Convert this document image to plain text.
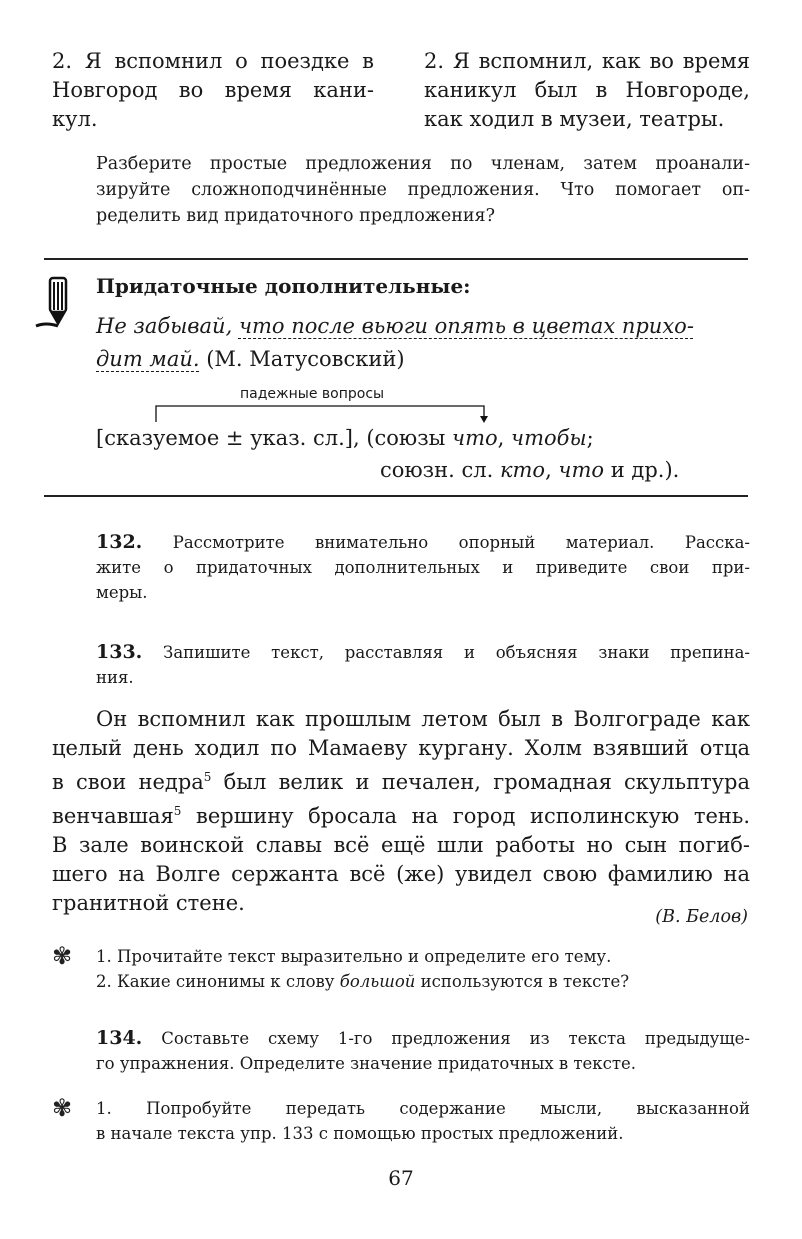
2. Я вспомнил о поездке в
Новгород во время кани-
кул.
2. Я вспомнил, как во время
каникул был в Новгороде,
как ходил в музеи, театры.
Разберите простые предложения по членам, затем проанали-
зируйте сложноподчинённые предложения. Что помогает оп-
ределить вид придаточного предложения?
Придаточные дополнительные:
Не забывай, что после вьюги опять в цветах прихо-
дит май. (М. Матусовский)
падежные вопросы
[сказуемое ± указ. сл.], (союзы что, чтобы;
союзн. сл. кто, что и др.).
132. Рассмотрите внимательно опорный материал. Расска-
жите о придаточных дополнительных и приведите свои при-
меры.
133. Запишите текст, расставляя и объясняя знаки препина-
ния.
Он вспомнил как прошлым летом был в Волгограде как
целый день ходил по Мамаеву кургану. Холм взявший отца
в свои недра$^5$ был велик и печален, громадная скульптура
венчавшая$^5$ вершину бросала на город исполинскую тень.
В зале воинской славы всё ещё шли работы но сын погиб-
шего на Волге сержанта всё (же) увидел свою фамилию на
гранитной стене.
(В. Белов)
✾ 1. Прочитайте текст выразительно и определите его тему.
2. Какие синонимы к слову большой используются в тексте?
134. Составьте схему 1-го предложения из текста предыдуще-
го упражнения. Определите значение придаточных в тексте.
✾ 1. Попробуйте передать содержание мысли, высказанной
в начале текста упр. 133 с помощью простых предложений.
67
